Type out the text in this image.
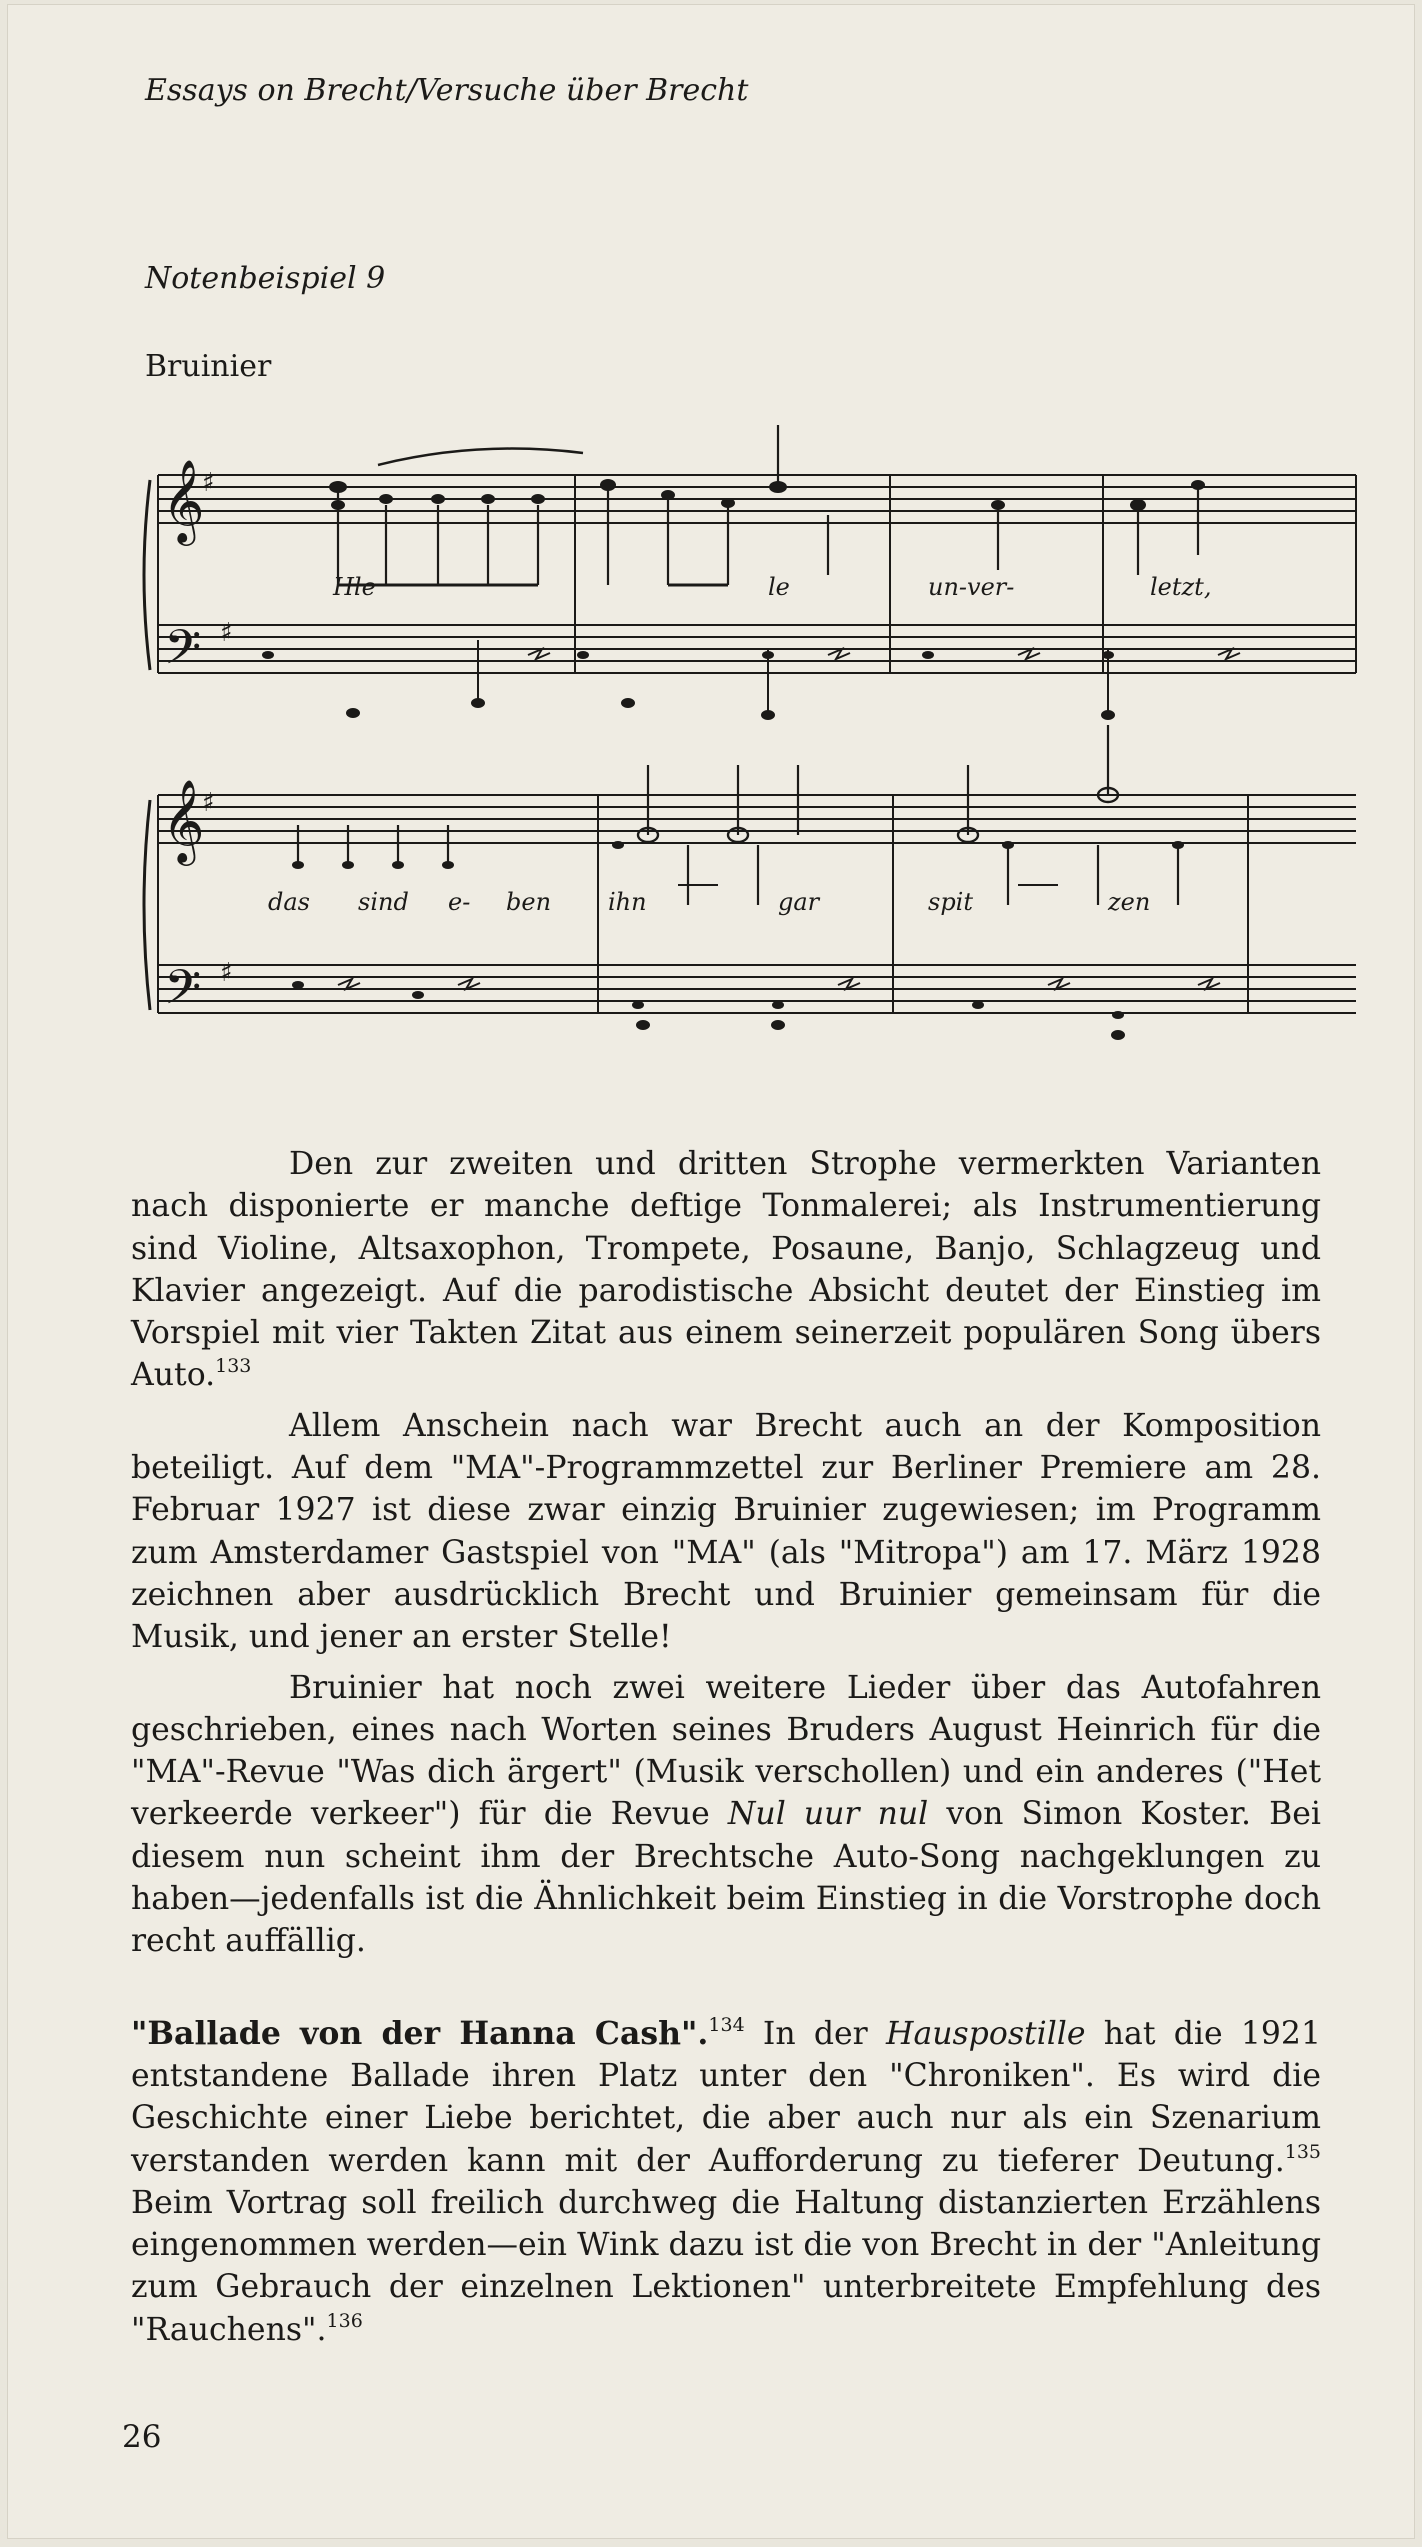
Essays on Brecht/Versuche über Brecht
Notenbeispiel 9
Bruinier
𝄞
𝄢
𝄞
𝄢
♯
♯
♯
♯
Hle	le	un-ver-	letzt,
das sind e- ben ihn	gar	spit	zen

Den zur zweiten und dritten Strophe vermerkten Varianten nach disponierte er manche deftige Tonmalerei; als Instrumentierung sind Violine, Altsaxophon, Trompete, Posaune, Banjo, Schlagzeug und Klavier angezeigt. Auf die parodistische Absicht deutet der Einstieg im Vorspiel mit vier Takten Zitat aus einem seinerzeit populären Song übers Auto.$^{133}$

Allem Anschein nach war Brecht auch an der Komposition beteiligt. Auf dem "MA"-Programmzettel zur Berliner Premiere am 28. Februar 1927 ist diese zwar einzig Bruinier zugewiesen; im Programm zum Amsterdamer Gastspiel von "MA" (als "Mitropa") am 17. März 1928 zeichnen aber ausdrücklich Brecht und Bruinier gemeinsam für die Musik, und jener an erster Stelle!

Bruinier hat noch zwei weitere Lieder über das Autofahren geschrieben, eines nach Worten seines Bruders August Heinrich für die "MA"-Revue "Was dich ärgert" (Musik verschollen) und ein anderes ("Het verkeerde verkeer") für die Revue Nul uur nul von Simon Koster. Bei diesem nun scheint ihm der Brechtsche Auto-Song nachgeklungen zu haben—jedenfalls ist die Ähnlichkeit beim Einstieg in die Vorstrophe doch recht auffällig.

"Ballade von der Hanna Cash".$^{134}$ In der Hauspostille hat die 1921 entstandene Ballade ihren Platz unter den "Chroniken". Es wird die Geschichte einer Liebe berichtet, die aber auch nur als ein Szenarium verstanden werden kann mit der Aufforderung zu tieferer Deutung.$^{135}$ Beim Vortrag soll freilich durchweg die Haltung distanzierten Erzählens eingenommen werden—ein Wink dazu ist die von Brecht in der "Anleitung zum Gebrauch der einzelnen Lektionen" unterbreitete Empfehlung des "Rauchens".$^{136}$

26
